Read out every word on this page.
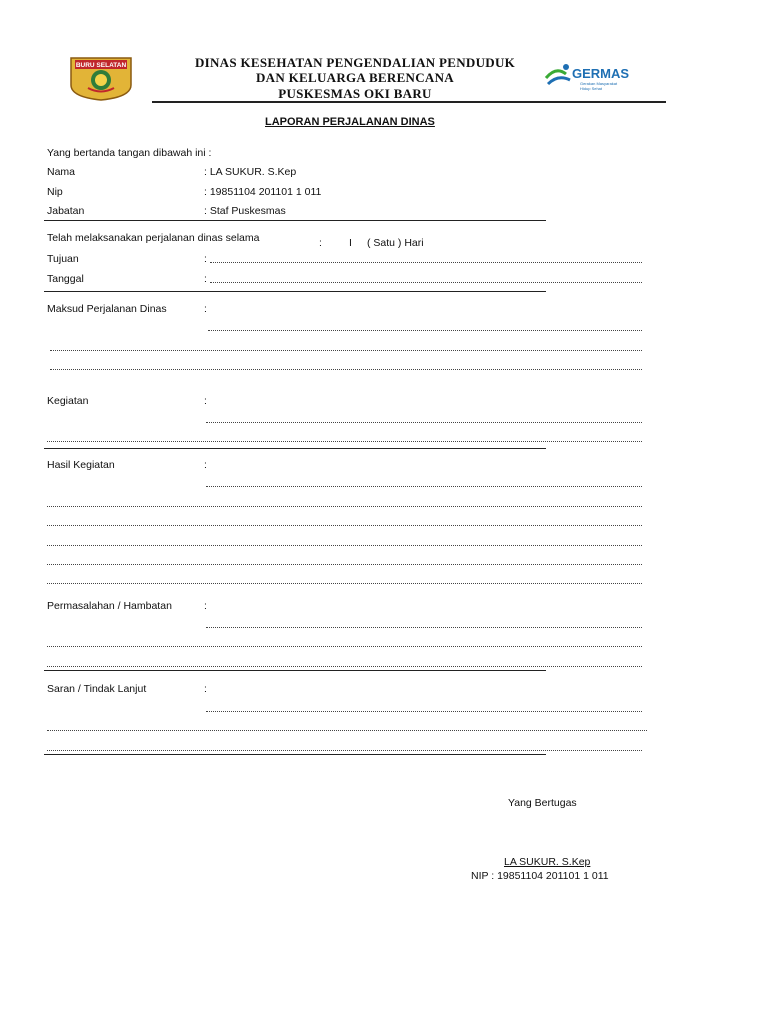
BURU SELATAN	DINAS KESEHATAN PENGENDALIAN PENDUDUK
DAN KELUARGA BERENCANA
PUSKESMAS OKI BARU
GERMAS
Gerakan Masyarakat
Hidup Sehat
LAPORAN PERJALANAN DINAS
Yang bertanda tangan dibawah ini :
Nama	: LA SUKUR. S.Kep
Nip	: 19851104 201101 1 011
Jabatan	: Staf Puskesmas
Telah melaksanakan perjalanan dinas selama	:	I ( Satu ) Hari
Tujuan	:
Tanggal	:
Maksud Perjalanan Dinas	:
Kegiatan	:
Hasil Kegiatan	:
Permasalahan / Hambatan	:
Saran / Tindak Lanjut	:
Yang Bertugas
LA SUKUR. S.Kep
NIP : 19851104 201101 1 011
